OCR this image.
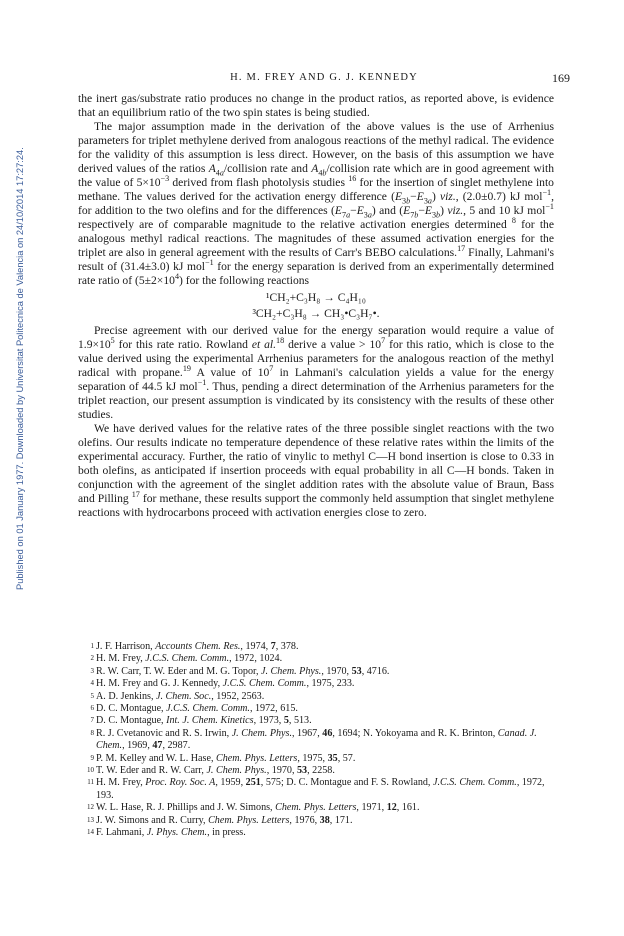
Published on 01 January 1977. Downloaded by Universitat Politecnica de Valencia on 24/10/2014 17:27:24.
H. M. FREY AND G. J. KENNEDY	169

the inert gas/substrate ratio produces no change in the product ratios, as reported above, is evidence that an equilibrium ratio of the two spin states is being studied.

The major assumption made in the derivation of the above values is the use of Arrhenius parameters for triplet methylene derived from analogous reactions of the methyl radical. The evidence for the validity of this assumption is less direct. However, on the basis of this assumption we have derived values of the ratios $A_{4a}$/collision rate and $A_{4b}$/collision rate which are in good agreement with the value of $5\times 10^{-3}$ derived from flash photolysis studies $^{16}$ for the insertion of singlet methylene into methane. The values derived for the activation energy difference $(E_{3b}-E_{3a})$ viz., (2.0±0.7) kJ mol$^{-1}$, for addition to the two olefins and for the differences $(E_{7a}-E_{3a})$ and $(E_{7b}-E_{3b})$ viz., 5 and 10 kJ mol$^{-1}$ respectively are of comparable magnitude to the relative activation energies determined $^8$ for the analogous methyl radical reactions. The magnitudes of these assumed activation energies for the triplet are also in general agreement with the results of Carr's BEBO calculations.$^{17}$ Finally, Lahmani's result of (31.4±3.0) kJ mol$^{-1}$ for the energy separation is derived from an experimentally determined rate ratio of $(5\pm 2\times 10^4)$ for the following reactions

¹CH₂+C₃H₈ → C₄H₁₀
³CH₂+C₃H₈ → CH₃•C₃H₇•.

Precise agreement with our derived value for the energy separation would require a value of $1.9\times 10^5$ for this rate ratio. Rowland et al.$^{18}$ derive a value > $10^7$ for this ratio, which is close to the value derived using the experimental Arrhenius parameters for the analogous reaction of the methyl radical with propane.$^{19}$ A value of $10^7$ in Lahmani's calculation yields a value for the energy separation of 44.5 kJ mol$^{-1}$. Thus, pending a direct determination of the Arrhenius parameters for the triplet reaction, our present assumption is vindicated by its consistency with the results of these other studies.

We have derived values for the relative rates of the three possible singlet reactions with the two olefins. Our results indicate no temperature dependence of these relative rates within the limits of the experimental accuracy. Further, the ratio of vinylic to methyl C—H bond insertion is close to 0.33 in both olefins, as anticipated if insertion proceeds with equal probability in all C—H bonds. Taken in conjunction with the agreement of the singlet addition rates with the absolute value of Braun, Bass and Pilling $^{17}$ for methane, these results support the commonly held assumption that singlet methylene reactions with hydrocarbons proceed with activation energies close to zero.

1 J. F. Harrison, Accounts Chem. Res., 1974, 7, 378.
2 H. M. Frey, J.C.S. Chem. Comm., 1972, 1024.
3 R. W. Carr, T. W. Eder and M. G. Topor, J. Chem. Phys., 1970, 53, 4716.
4 H. M. Frey and G. J. Kennedy, J.C.S. Chem. Comm., 1975, 233.
5 A. D. Jenkins, J. Chem. Soc., 1952, 2563.
6 D. C. Montague, J.C.S. Chem. Comm., 1972, 615.
7 D. C. Montague, Int. J. Chem. Kinetics, 1973, 5, 513.
8 R. J. Cvetanovic and R. S. Irwin, J. Chem. Phys., 1967, 46, 1694; N. Yokoyama and R. K. Brinton, Canad. J. Chem., 1969, 47, 2987.
9 P. M. Kelley and W. L. Hase, Chem. Phys. Letters, 1975, 35, 57.
10 T. W. Eder and R. W. Carr, J. Chem. Phys., 1970, 53, 2258.
11 H. M. Frey, Proc. Roy. Soc. A, 1959, 251, 575; D. C. Montague and F. S. Rowland, J.C.S. Chem. Comm., 1972, 193.
12 W. L. Hase, R. J. Phillips and J. W. Simons, Chem. Phys. Letters, 1971, 12, 161.
13 J. W. Simons and R. Curry, Chem. Phys. Letters, 1976, 38, 171.
14 F. Lahmani, J. Phys. Chem., in press.
